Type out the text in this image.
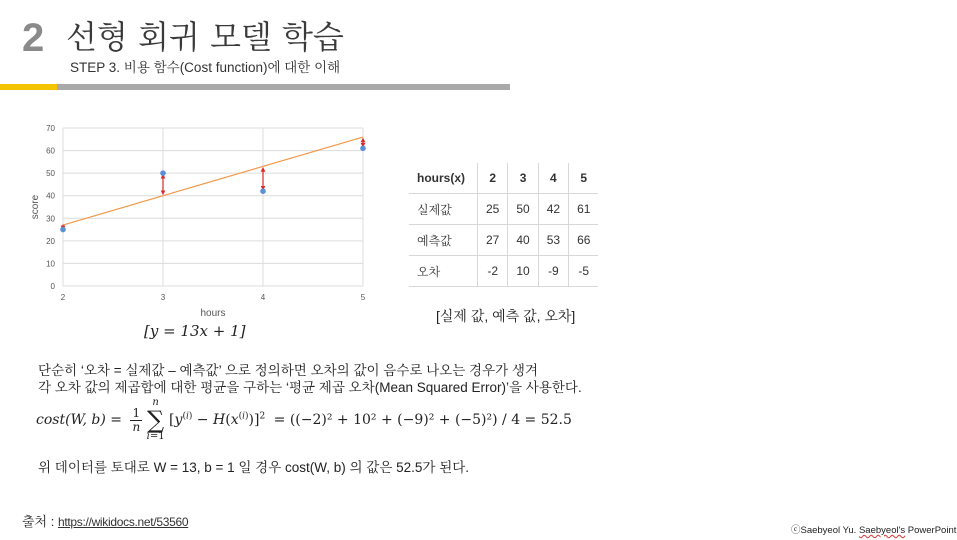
2 선형 회귀 모델 학습
STEP 3. 비용 함수(Cost function)에 대한 이해
0
10
20
30
40
50
60
70
2	3	4	5
hours
score
[y = 13x + 1]
hours(x)	2	3	4	5
실제값	25	50	42	61
예측값	27	40	53	66
오차	-2	10	-9	-5
[실제 값, 예측 값, 오차]
단순히 ‘오차 = 실제값 – 예측값’ 으로 정의하면 오차의 값이 음수로 나오는 경우가 생겨
각 오차 값의 제곱합에 대한 평균을 구하는 ‘평균 제곱 오차(Mean Squared Error)’을 사용한다.
cost(W, b) = 1
n n
∑
i=1 $[y^{(i)} - H(x^{(i)})]^2 = ((-2)^2 + 10^2 + (-9)^2 + (-5)^2) / 4 = 52.5$
위 데이터를 토대로 W = 13, b = 1 일 경우 cost(W, b) 의 값은 52.5가 된다.
출처 : https://wikidocs.net/53560
ⓒSaebyeol Yu. Saebyeol's PowerPoint
